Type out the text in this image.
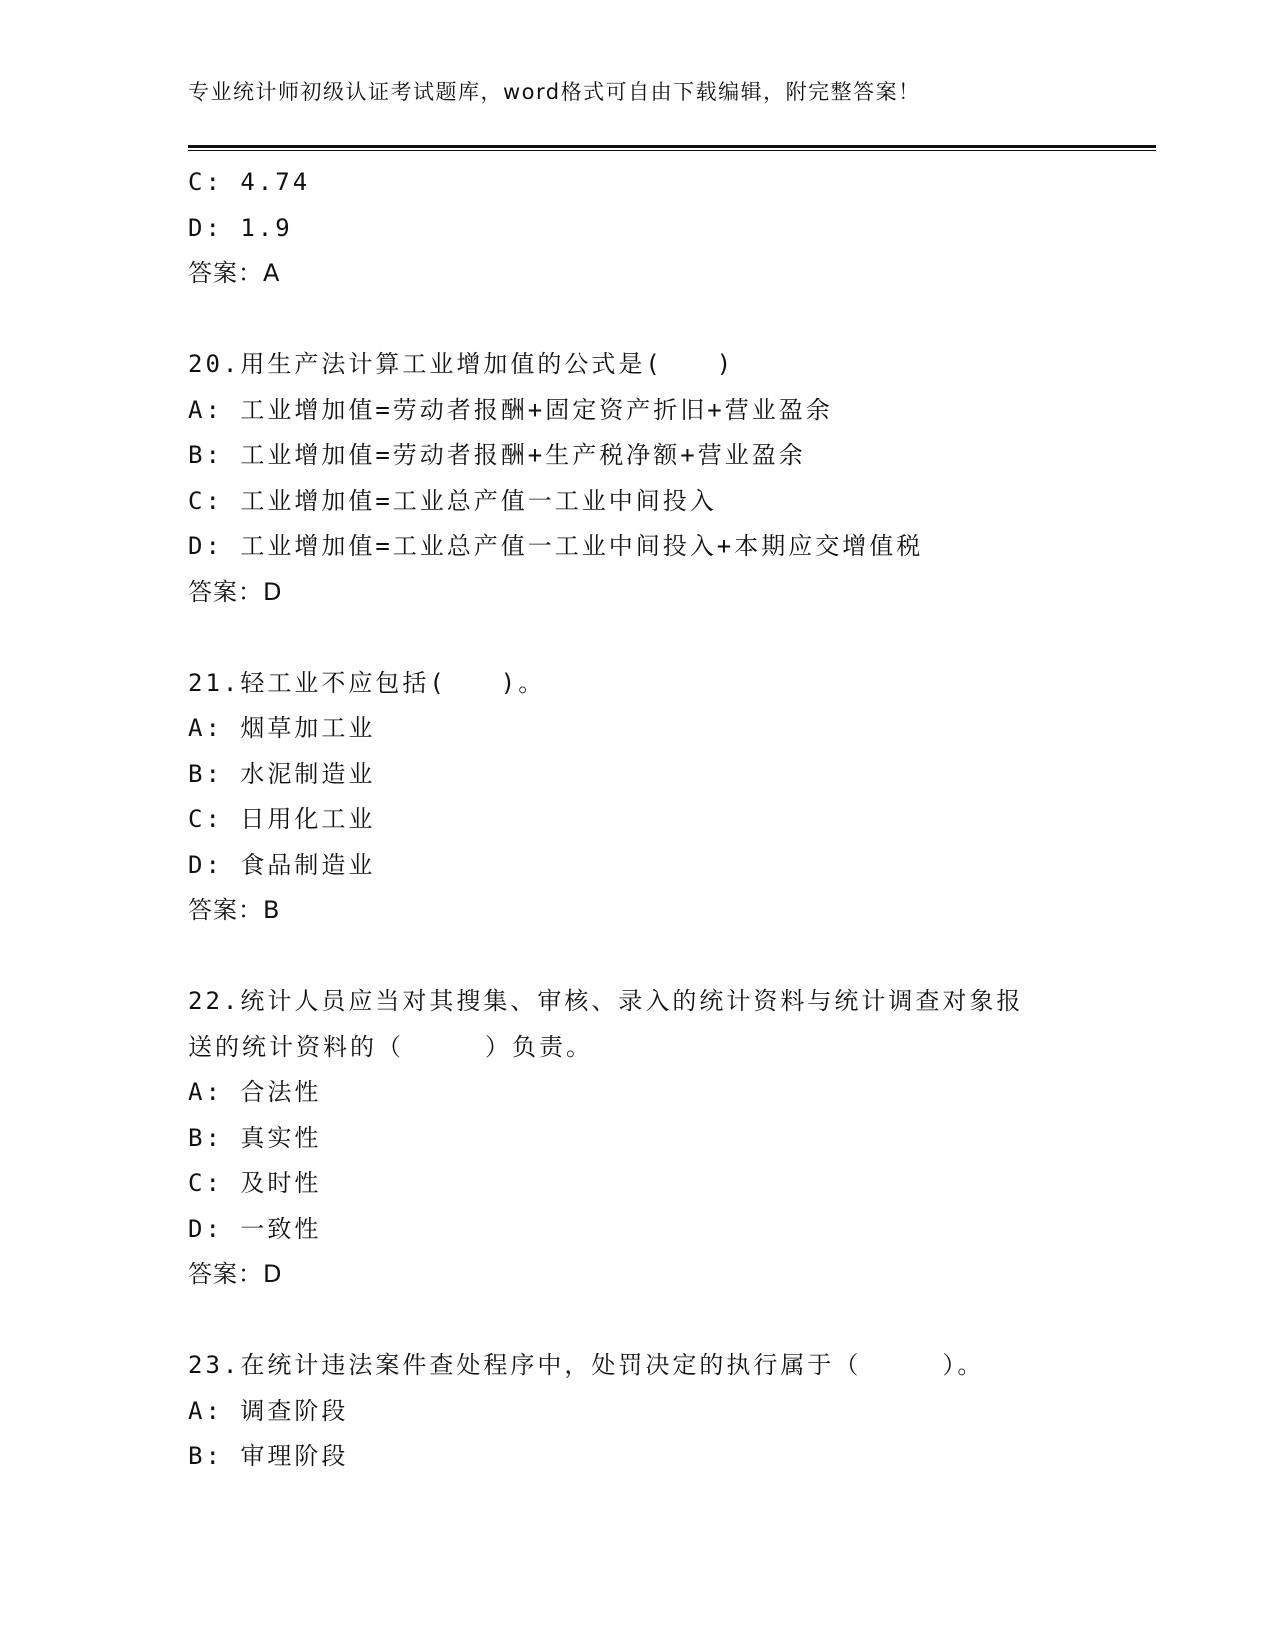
专业统计师初级认证考试题库，word格式可自由下载编辑，附完整答案！
C: 4.74
D: 1.9
答案：A
20.用生产法计算工业增加值的公式是(　　)
A: 工业增加值=劳动者报酬+固定资产折旧+营业盈余
B: 工业增加值=劳动者报酬+生产税净额+营业盈余
C: 工业增加值=工业总产值一工业中间投入
D: 工业增加值=工业总产值一工业中间投入+本期应交增值税
答案：D
21.轻工业不应包括(　　)。
A: 烟草加工业
B: 水泥制造业
C: 日用化工业
D: 食品制造业
答案：B
22.统计人员应当对其搜集、审核、录入的统计资料与统计调查对象报
送的统计资料的（　　　）负责。
A: 合法性
B: 真实性
C: 及时性
D: 一致性
答案：D
23.在统计违法案件查处程序中，处罚决定的执行属于（　　　）。
A: 调查阶段
B: 审理阶段
